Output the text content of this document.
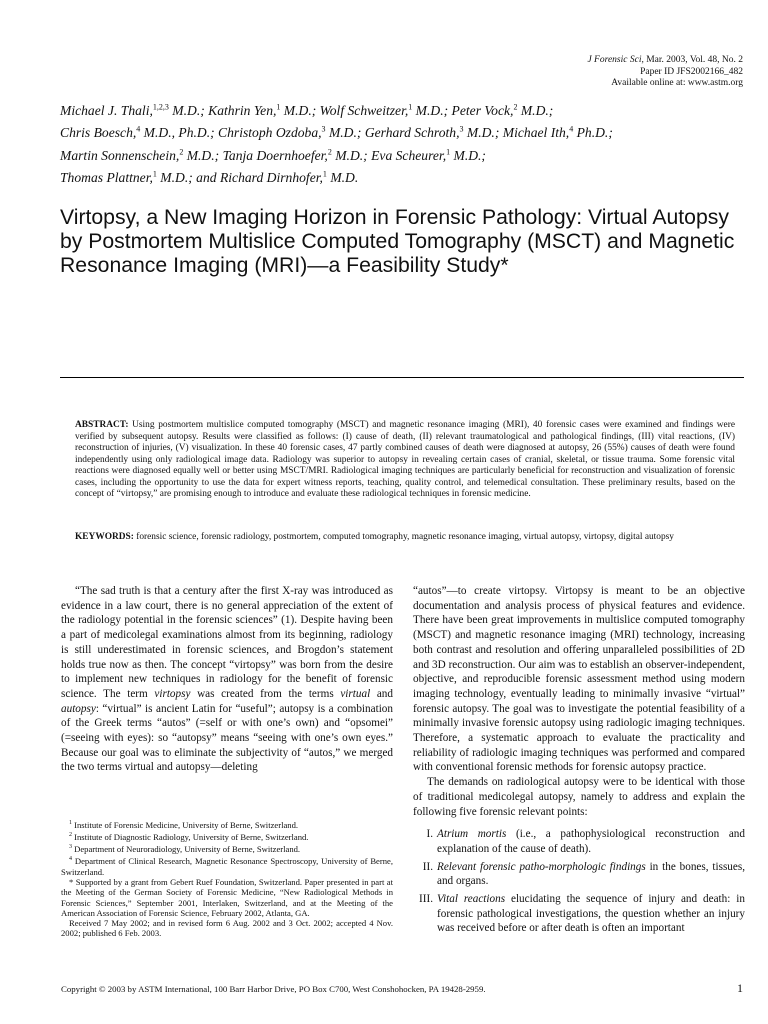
J Forensic Sci, Mar. 2003, Vol. 48, No. 2
Paper ID JFS2002166_482
Available online at: www.astm.org
Michael J. Thali,$^{1,2,3}$ M.D.; Kathrin Yen,$^1$ M.D.; Wolf Schweitzer,$^1$ M.D.; Peter Vock,$^2$ M.D.;
Chris Boesch,$^4$ M.D., Ph.D.; Christoph Ozdoba,$^3$ M.D.; Gerhard Schroth,$^3$ M.D.; Michael Ith,$^4$ Ph.D.;
Martin Sonnenschein,$^2$ M.D.; Tanja Doernhoefer,$^2$ M.D.; Eva Scheurer,$^1$ M.D.;
Thomas Plattner,$^1$ M.D.; and Richard Dirnhofer,$^1$ M.D.
Virtopsy, a New Imaging Horizon in Forensic Pathology: Virtual Autopsy by Postmortem Multislice Computed Tomography (MSCT) and Magnetic Resonance Imaging (MRI)—a Feasibility Study*
ABSTRACT: Using postmortem multislice computed tomography (MSCT) and magnetic resonance imaging (MRI), 40 forensic cases were examined and findings were verified by subsequent autopsy. Results were classified as follows: (I) cause of death, (II) relevant traumatological and pathological findings, (III) vital reactions, (IV) reconstruction of injuries, (V) visualization. In these 40 forensic cases, 47 partly combined causes of death were diagnosed at autopsy, 26 (55%) causes of death were found independently using only radiological image data. Radiology was superior to autopsy in revealing certain cases of cranial, skeletal, or tissue trauma. Some forensic vital reactions were diagnosed equally well or better using MSCT/MRI. Radiological imaging techniques are particularly beneficial for reconstruction and visualization of forensic cases, including the opportunity to use the data for expert witness reports, teaching, quality control, and telemedical consultation. These preliminary results, based on the concept of “virtopsy,” are promising enough to introduce and evaluate these radiological techniques in forensic medicine.
KEYWORDS: forensic science, forensic radiology, postmortem, computed tomography, magnetic resonance imaging, virtual autopsy, virtopsy, digital autopsy

“The sad truth is that a century after the first X-ray was introduced as evidence in a law court, there is no general appreciation of the extent of the radiology potential in the forensic sciences” (1). Despite having been a part of medicolegal examinations almost from its beginning, radiology is still underestimated in forensic sciences, and Brogdon’s statement holds true now as then. The concept “virtopsy” was born from the desire to implement new techniques in radiology for the benefit of forensic science. The term virtopsy was created from the terms virtual and autopsy: “virtual” is ancient Latin for “useful”; autopsy is a combination of the Greek terms “autos” (=self or with one’s own) and “opsomei” (=seeing with eyes): so “autopsy” means “seeing with one’s own eyes.” Because our goal was to eliminate the subjectivity of “autos,” we merged the two terms virtual and autopsy—deleting

$^1$ Institute of Forensic Medicine, University of Berne, Switzerland.

$^2$ Institute of Diagnostic Radiology, University of Berne, Switzerland.

$^3$ Department of Neuroradiology, University of Berne, Switzerland.

$^4$ Department of Clinical Research, Magnetic Resonance Spectroscopy, University of Berne, Switzerland.

* Supported by a grant from Gebert Ruef Foundation, Switzerland. Paper presented in part at the Meeting of the German Society of Forensic Medicine, “New Radiological Methods in Forensic Sciences,” September 2001, Interlaken, Switzerland, and at the Meeting of the American Association of Forensic Science, February 2002, Atlanta, GA.

Received 7 May 2002; and in revised form 6 Aug. 2002 and 3 Oct. 2002; accepted 4 Nov. 2002; published 6 Feb. 2003.

“autos”—to create virtopsy. Virtopsy is meant to be an objective documentation and analysis process of physical features and evidence. There have been great improvements in multislice computed tomography (MSCT) and magnetic resonance imaging (MRI) technology, increasing both contrast and resolution and offering unparalleled possibilities of 2D and 3D reconstruction. Our aim was to establish an observer-independent, objective, and reproducible forensic assessment method using modern imaging technology, eventually leading to minimally invasive “virtual” forensic autopsy. The goal was to investigate the potential feasibility of a minimally invasive forensic autopsy using radiologic imaging techniques. Therefore, a systematic approach to evaluate the practicality and reliability of radiologic imaging techniques was performed and compared with conventional forensic methods for forensic autopsy practice.

The demands on radiological autopsy were to be identical with those of traditional medicolegal autopsy, namely to address and explain the following five forensic relevant points:

I. Atrium mortis (i.e., a pathophysiological reconstruction and explanation of the cause of death).
II. Relevant forensic patho-morphologic findings in the bones, tissues, and organs.
III. Vital reactions elucidating the sequence of injury and death: in forensic pathological investigations, the question whether an injury was received before or after death is often an important
Copyright © 2003 by ASTM International, 100 Barr Harbor Drive, PO Box C700, West Conshohocken, PA 19428-2959.	1
